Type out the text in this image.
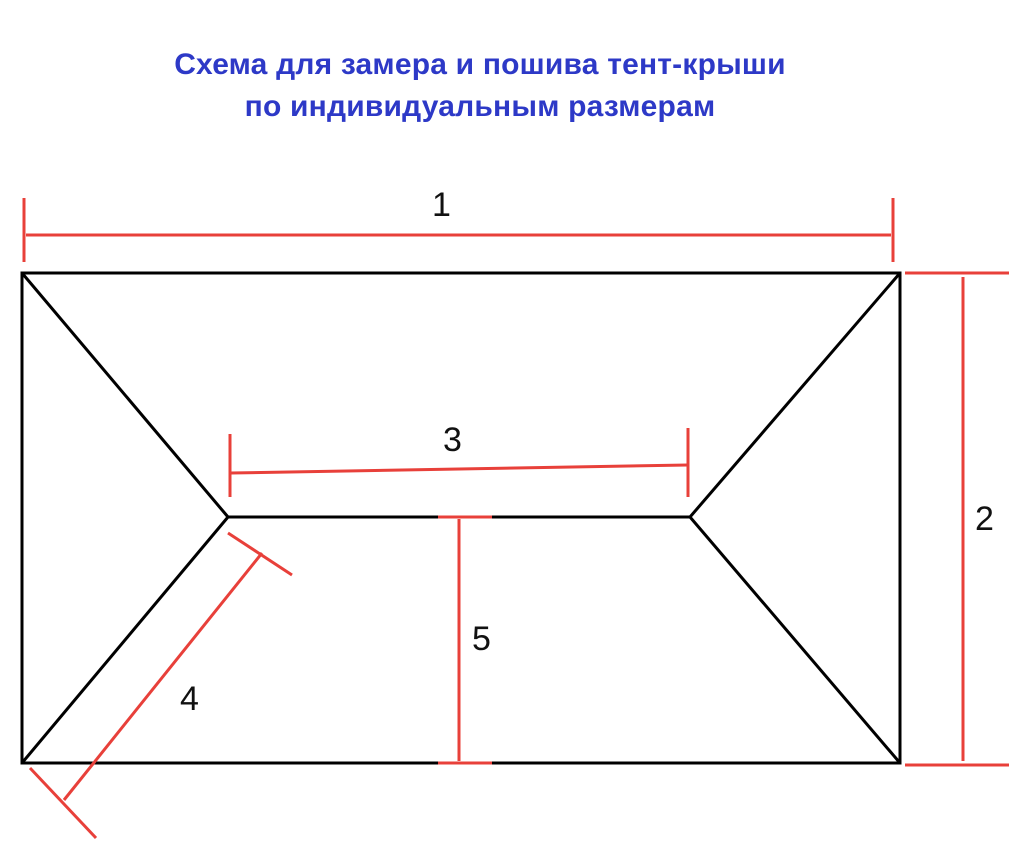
Схема для замера и пошива тент-крыши
по индивидуальным размерам
1
2
3
4
5
